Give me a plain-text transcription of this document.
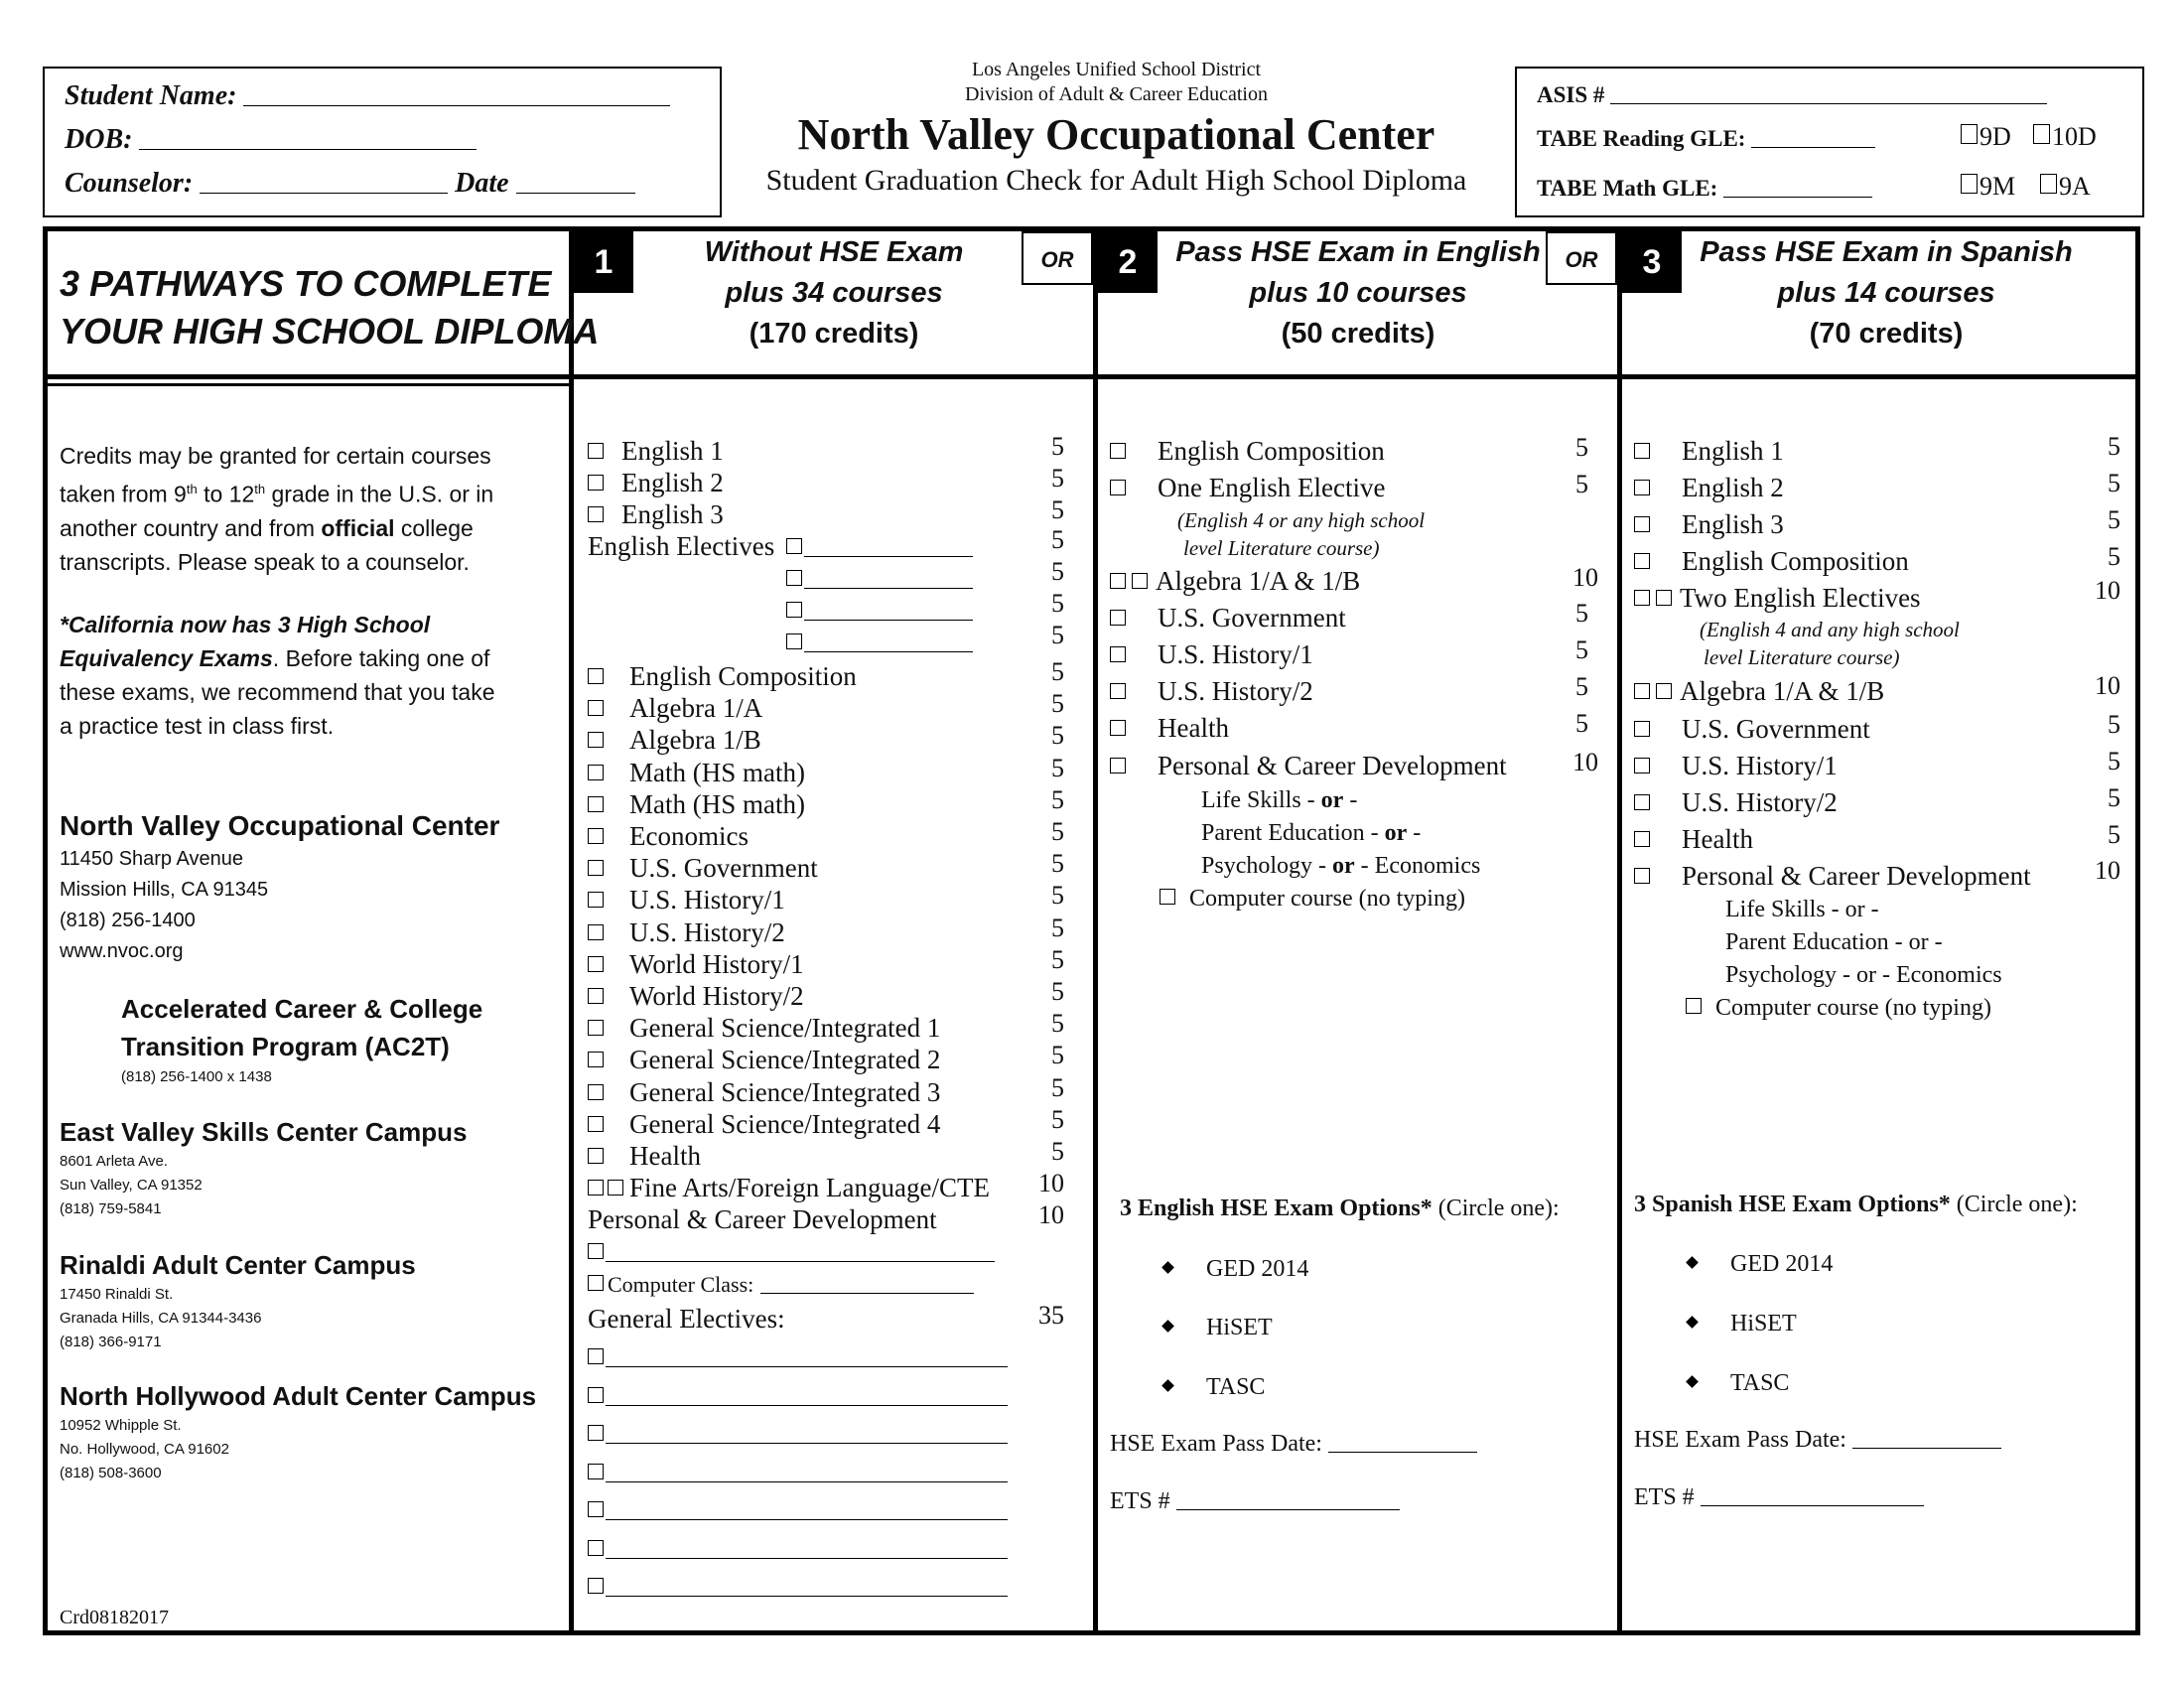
Student Name:
DOB:
Counselor:	Date
Los Angeles Unified School District
Division of Adult & Career Education
North Valley Occupational Center
Student Graduation Check for Adult High School Diploma
ASIS #
TABE Reading GLE:	9D	10D
TABE Math GLE:	9M	9A
3 PATHWAYS TO COMPLETE
YOUR HIGH SCHOOL DIPLOMA
1	Without HSE Exam
plus 34 courses
(170 credits)
OR	2	Pass HSE Exam in English
plus 10 courses
(50 credits)
OR	3	Pass HSE Exam in Spanish
plus 14 courses
(70 credits)
Credits may be granted for certain courses
taken from 9th to 12th grade in the U.S. or in
another country and from official college
transcripts. Please speak to a counselor.
*California now has 3 High School
Equivalency Exams. Before taking one of
these exams, we recommend that you take
a practice test in class first.
North Valley Occupational Center
11450 Sharp Avenue
Mission Hills, CA 91345
(818) 256-1400
www.nvoc.org
Accelerated Career & College
Transition Program (AC2T)
(818) 256-1400 x 1438
East Valley Skills Center Campus
8601 Arleta Ave.
Sun Valley, CA 91352
(818) 759-5841
Rinaldi Adult Center Campus
17450 Rinaldi St.
Granada Hills, CA 91344-3436
(818) 366-9171
North Hollywood Adult Center Campus
10952 Whipple St.
No. Hollywood, CA 91602
(818) 508-3600
Crd08182017
English 1	5
English 2	5
English 3	5
English Electives	5
5
5
5
English Composition	5
Algebra 1/A	5
Algebra 1/B	5
Math (HS math)	5
Math (HS math)	5
Economics	5
U.S. Government	5
U.S. History/1	5
U.S. History/2	5
World History/1	5
World History/2	5
General Science/Integrated 1	5
General Science/Integrated 2	5
General Science/Integrated 3	5
General Science/Integrated 4	5
Health	5
Fine Arts/Foreign Language/CTE	10
Personal & Career Development	10
Computer Class:
General Electives:	35
English Composition	5
One English Elective	5
(English 4 or any high school
level Literature course)
Algebra 1/A & 1/B	10
U.S. Government	5
U.S. History/1	5
U.S. History/2	5
Health	5
Personal & Career Development	10
Life Skills - or -
Parent Education - or -
Psychology - or - Economics
Computer course (no typing)
3 English HSE Exam Options* (Circle one):
GED 2014
HiSET
TASC
HSE Exam Pass Date:
ETS #
English 1	5
English 2	5
English 3	5
English Composition	5
Two English Electives	10
(English 4 and any high school
level Literature course)
Algebra 1/A & 1/B	10
U.S. Government	5
U.S. History/1	5
U.S. History/2	5
Health	5
Personal & Career Development	10
Life Skills - or -
Parent Education - or -
Psychology - or - Economics
Computer course (no typing)
3 Spanish HSE Exam Options* (Circle one):
GED 2014
HiSET
TASC
HSE Exam Pass Date:
ETS #
